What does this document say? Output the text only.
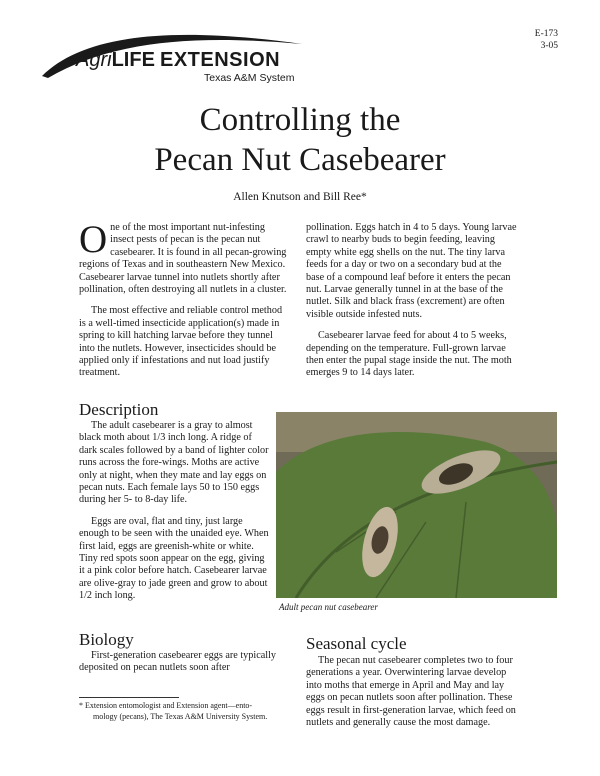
E-173
3-05
AgriLIFE EXTENSION
Texas A&M System
Controlling the
Pecan Nut Casebearer
Allen Knutson and Bill Ree*

One of the most important nut-infesting insect pests of pecan is the pecan nut casebearer. It is found in all pecan-growing regions of Texas and in southeastern New Mexico. Casebearer larvae tunnel into nutlets shortly after pollination, often destroying all nutlets in a cluster.

The most effective and reliable control method is a well-timed insecticide application(s) made in spring to kill hatching larvae before they tunnel into the nutlets. However, insecticides should be applied only if infestations and nut load justify treatment.

pollination. Eggs hatch in 4 to 5 days. Young larvae crawl to nearby buds to begin feeding, leaving empty white egg shells on the nut. The tiny larva feeds for a day or two on a secondary bud at the base of a compound leaf before it enters the pecan nut. Larvae generally tunnel in at the base of the nutlet. Silk and black frass (excrement) are often visible outside infested nuts.

Casebearer larvae feed for about 4 to 5 weeks, depending on the temperature. Full-grown larvae then enter the pupal stage inside the nut. The moth emerges 9 to 14 days later.

Description

The adult casebearer is a gray to almost black moth about 1/3 inch long. A ridge of dark scales followed by a band of lighter color runs across the fore-wings. Moths are active only at night, when they mate and lay eggs on pecan nuts. Each female lays 50 to 150 eggs during her 5- to 8-day life.

Eggs are oval, flat and tiny, just large enough to be seen with the unaided eye. When first laid, eggs are greenish-white or white. Tiny red spots soon appear on the egg, giving it a pink color before hatch. Casebearer larvae are olive-gray to jade green and grow to about 1/2 inch long.

Adult pecan nut casebearer
Biology

First-generation casebearer eggs are typically deposited on pecan nutlets soon after

Seasonal cycle

The pecan nut casebearer completes two to four generations a year. Overwintering larvae develop into moths that emerge in April and May and lay eggs on pecan nutlets soon after pollination. These eggs result in first-generation larvae, which feed on nutlets and generally cause the most damage.

* Extension entomologist and Extension agent—ento-
mology (pecans), The Texas A&M University System.
